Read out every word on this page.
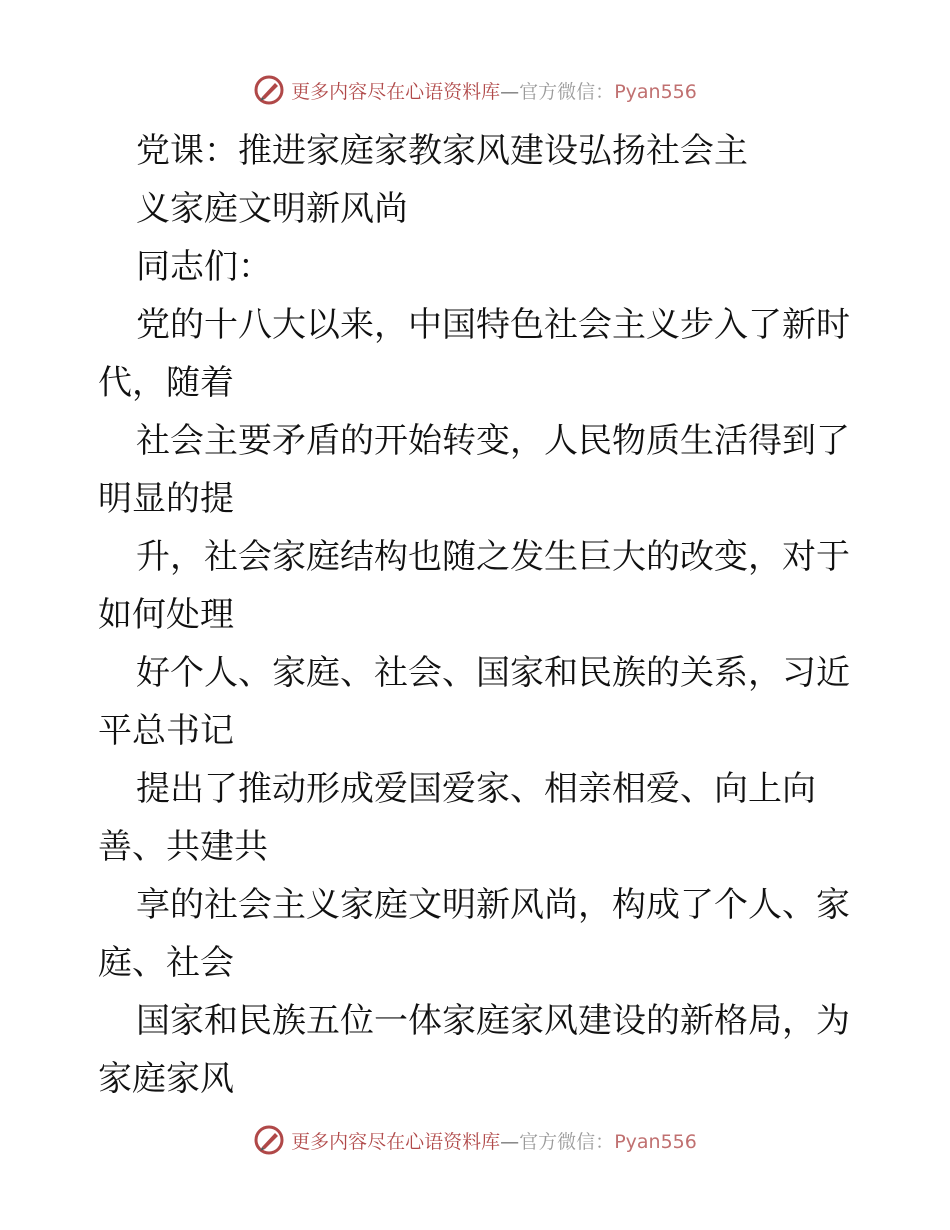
更多内容尽在心语资料库—官方微信：Pyan556
党课：推进家庭家教家风建设弘扬社会主
义家庭文明新风尚
同志们：
党的十八大以来，中国特色社会主义步入了新时
代，随着
社会主要矛盾的开始转变，人民物质生活得到了
明显的提
升，社会家庭结构也随之发生巨大的改变，对于
如何处理
好个人、家庭、社会、国家和民族的关系，习近
平总书记
提出了推动形成爱国爱家、相亲相爱、向上向
善、共建共
享的社会主义家庭文明新风尚，构成了个人、家
庭、社会
国家和民族五位一体家庭家风建设的新格局，为
家庭家风
更多内容尽在心语资料库—官方微信：Pyan556
